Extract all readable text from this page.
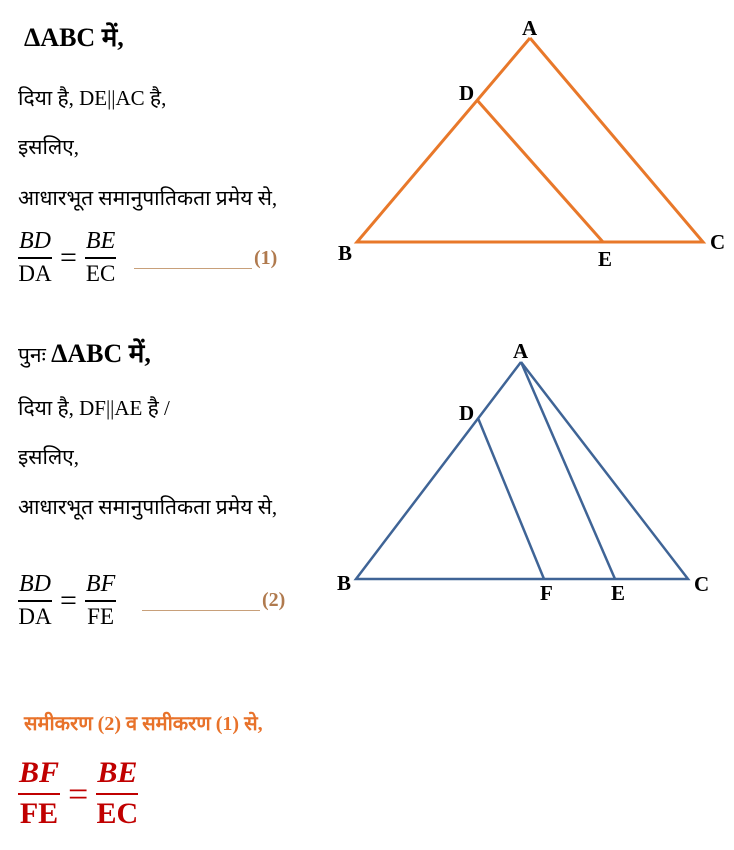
ΔABC में,
दिया है, DE||AC है,
इसलिए,
आधारभूत समानुपातिकता प्रमेय से,
$\frac{BD}{DA} = \frac{BE}{EC}$	(1)
A
B	C
D
E
पुनः ΔABC में,
दिया है, DF||AE है /
इसलिए,
आधारभूत समानुपातिकता प्रमेय से,
$\frac{BD}{DA} = \frac{BF}{FE}$	(2)
A
B	C
D
F	E
समीकरण (2) व समीकरण (1) से,
$\frac{BF}{FE} = \frac{BE}{EC}$
